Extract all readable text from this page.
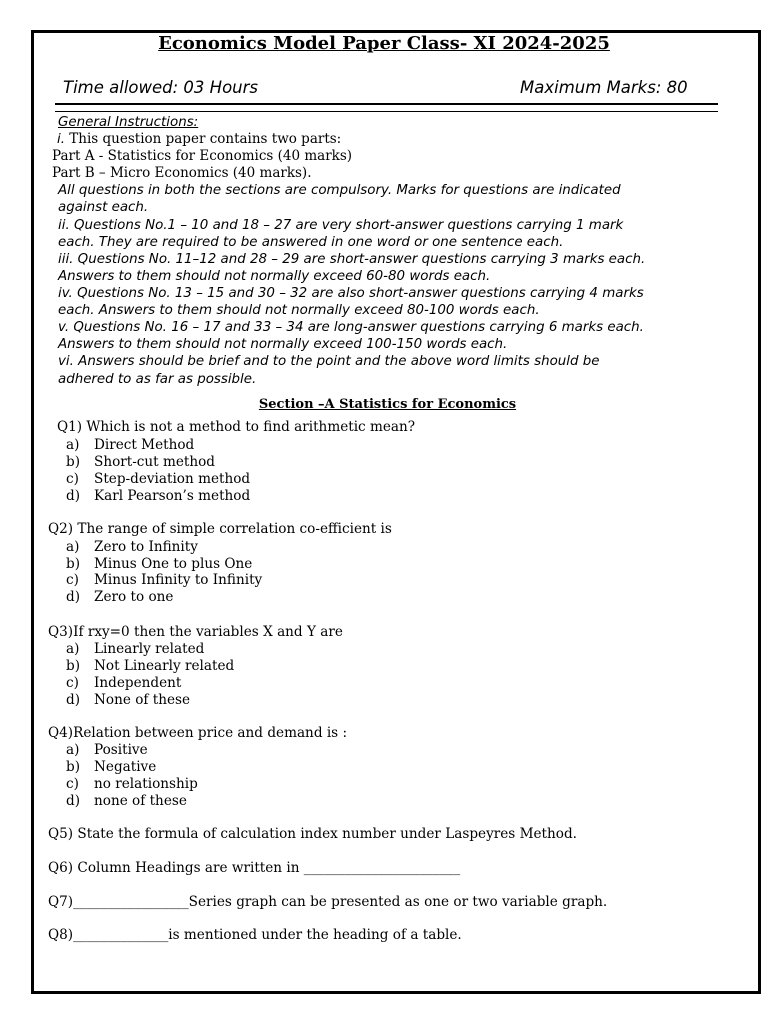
Economics Model Paper Class- XI 2024-2025
Time allowed: 03 Hours	Maximum Marks: 80
General Instructions:
i. This question paper contains two parts:
Part A - Statistics for Economics (40 marks)
Part B – Micro Economics (40 marks).
All questions in both the sections are compulsory. Marks for questions are indicated
against each.
ii. Questions No.1 – 10 and 18 – 27 are very short-answer questions carrying 1 mark
each. They are required to be answered in one word or one sentence each.
iii. Questions No. 11–12 and 28 – 29 are short-answer questions carrying 3 marks each.
Answers to them should not normally exceed 60-80 words each.
iv. Questions No. 13 – 15 and 30 – 32 are also short-answer questions carrying 4 marks
each. Answers to them should not normally exceed 80-100 words each.
v. Questions No. 16 – 17 and 33 – 34 are long-answer questions carrying 6 marks each.
Answers to them should not normally exceed 100-150 words each.
vi. Answers should be brief and to the point and the above word limits should be
adhered to as far as possible.
Section –A Statistics for Economics
Q1) Which is not a method to find arithmetic mean?
a) Direct Method
b) Short-cut method
c) Step-deviation method
d) Karl Pearson’s method
Q2) The range of simple correlation co-efficient is
a) Zero to Infinity
b) Minus One to plus One
c) Minus Infinity to Infinity
d) Zero to one
Q3)If rxy=0 then the variables X and Y are
a) Linearly related
b) Not Linearly related
c) Independent
d) None of these
Q4)Relation between price and demand is :
a) Positive
b) Negative
c) no relationship
d) none of these
Q5) State the formula of calculation index number under Laspeyres Method.
Q6) Column Headings are written in _______________________
Q7)_________________Series graph can be presented as one or two variable graph.
Q8)______________is mentioned under the heading of a table.
